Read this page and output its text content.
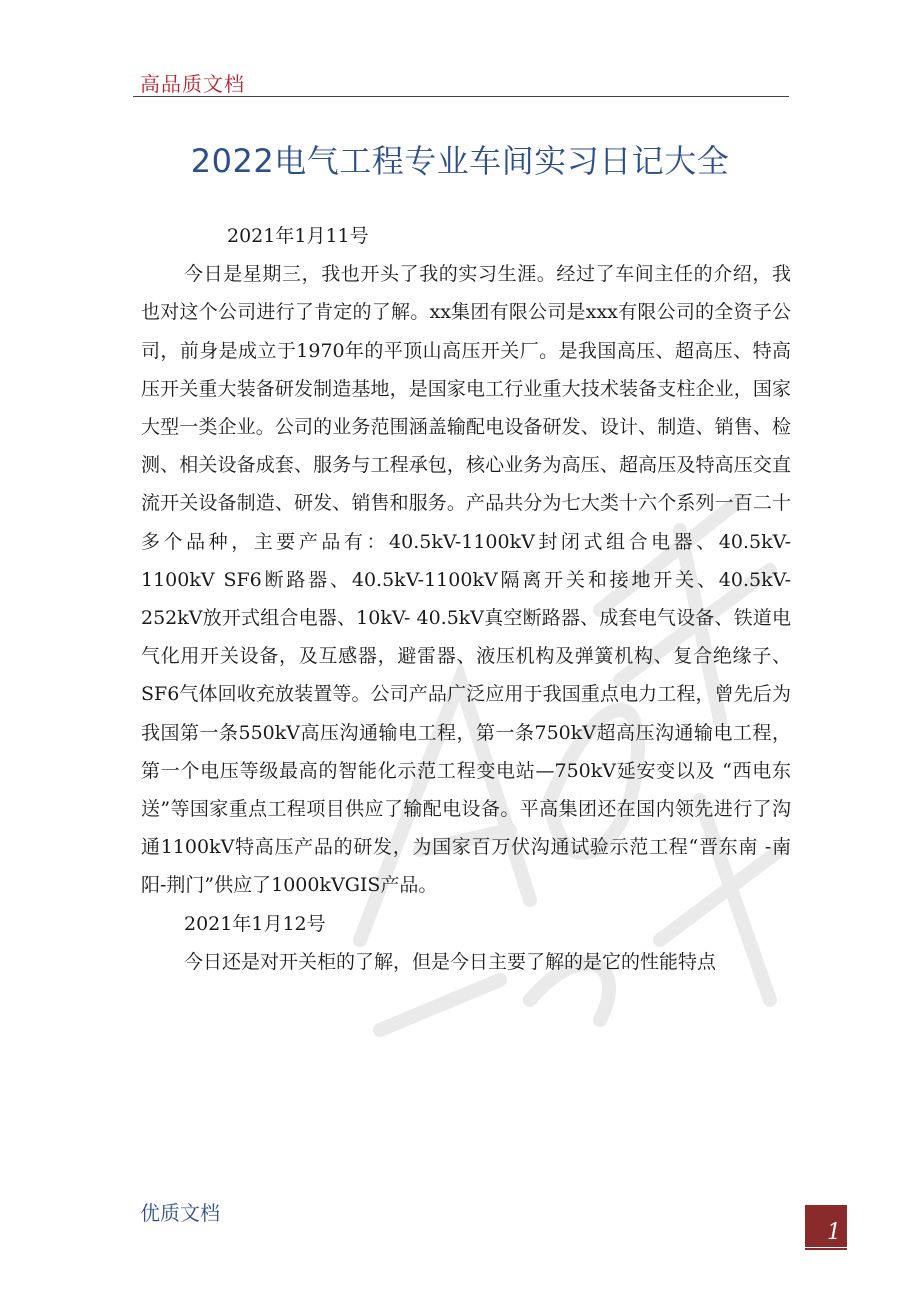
高品质文档
2022电气工程专业车间实习日记大全

2021年1月11号

今日是星期三，我也开头了我的实习生涯。经过了车间主任的介绍，我也对这个公司进行了肯定的了解。xx集团有限公司是xxx有限公司的全资子公司，前身是成立于1970年的平顶山高压开关厂。是我国高压、超高压、特高压开关重大装备研发制造基地，是国家电工行业重大技术装备支柱企业，国家大型一类企业。公司的业务范围涵盖输配电设备研发、设计、制造、销售、检测、相关设备成套、服务与工程承包，核心业务为高压、超高压及特高压交直流开关设备制造、研发、销售和服务。产品共分为七大类十六个系列一百二十多个品种，主要产品有：40.5kV-1100kV封闭式组合电器、40.5kV- 1100kV SF6断路器、40.5kV-1100kV隔离开关和接地开关、40.5kV-252kV放开式组合电器、10kV- 40.5kV真空断路器、成套电气设备、铁道电气化用开关设备，及互感器，避雷器、液压机构及弹簧机构、复合绝缘子、SF6气体回收充放装置等。公司产品广泛应用于我国重点电力工程，曾先后为我国第一条550kV高压沟通输电工程，第一条750kV超高压沟通输电工程，第一个电压等级最高的智能化示范工程变电站—750kV延安变以及 “西电东送”等国家重点工程项目供应了输配电设备。平高集团还在国内领先进行了沟通1100kV特高压产品的研发，为国家百万伏沟通试验示范工程“晋东南 -南阳-荆门”供应了1000kVGIS产品。

2021年1月12号

今日还是对开关柜的了解，但是今日主要了解的是它的性能特点

优质文档
1
